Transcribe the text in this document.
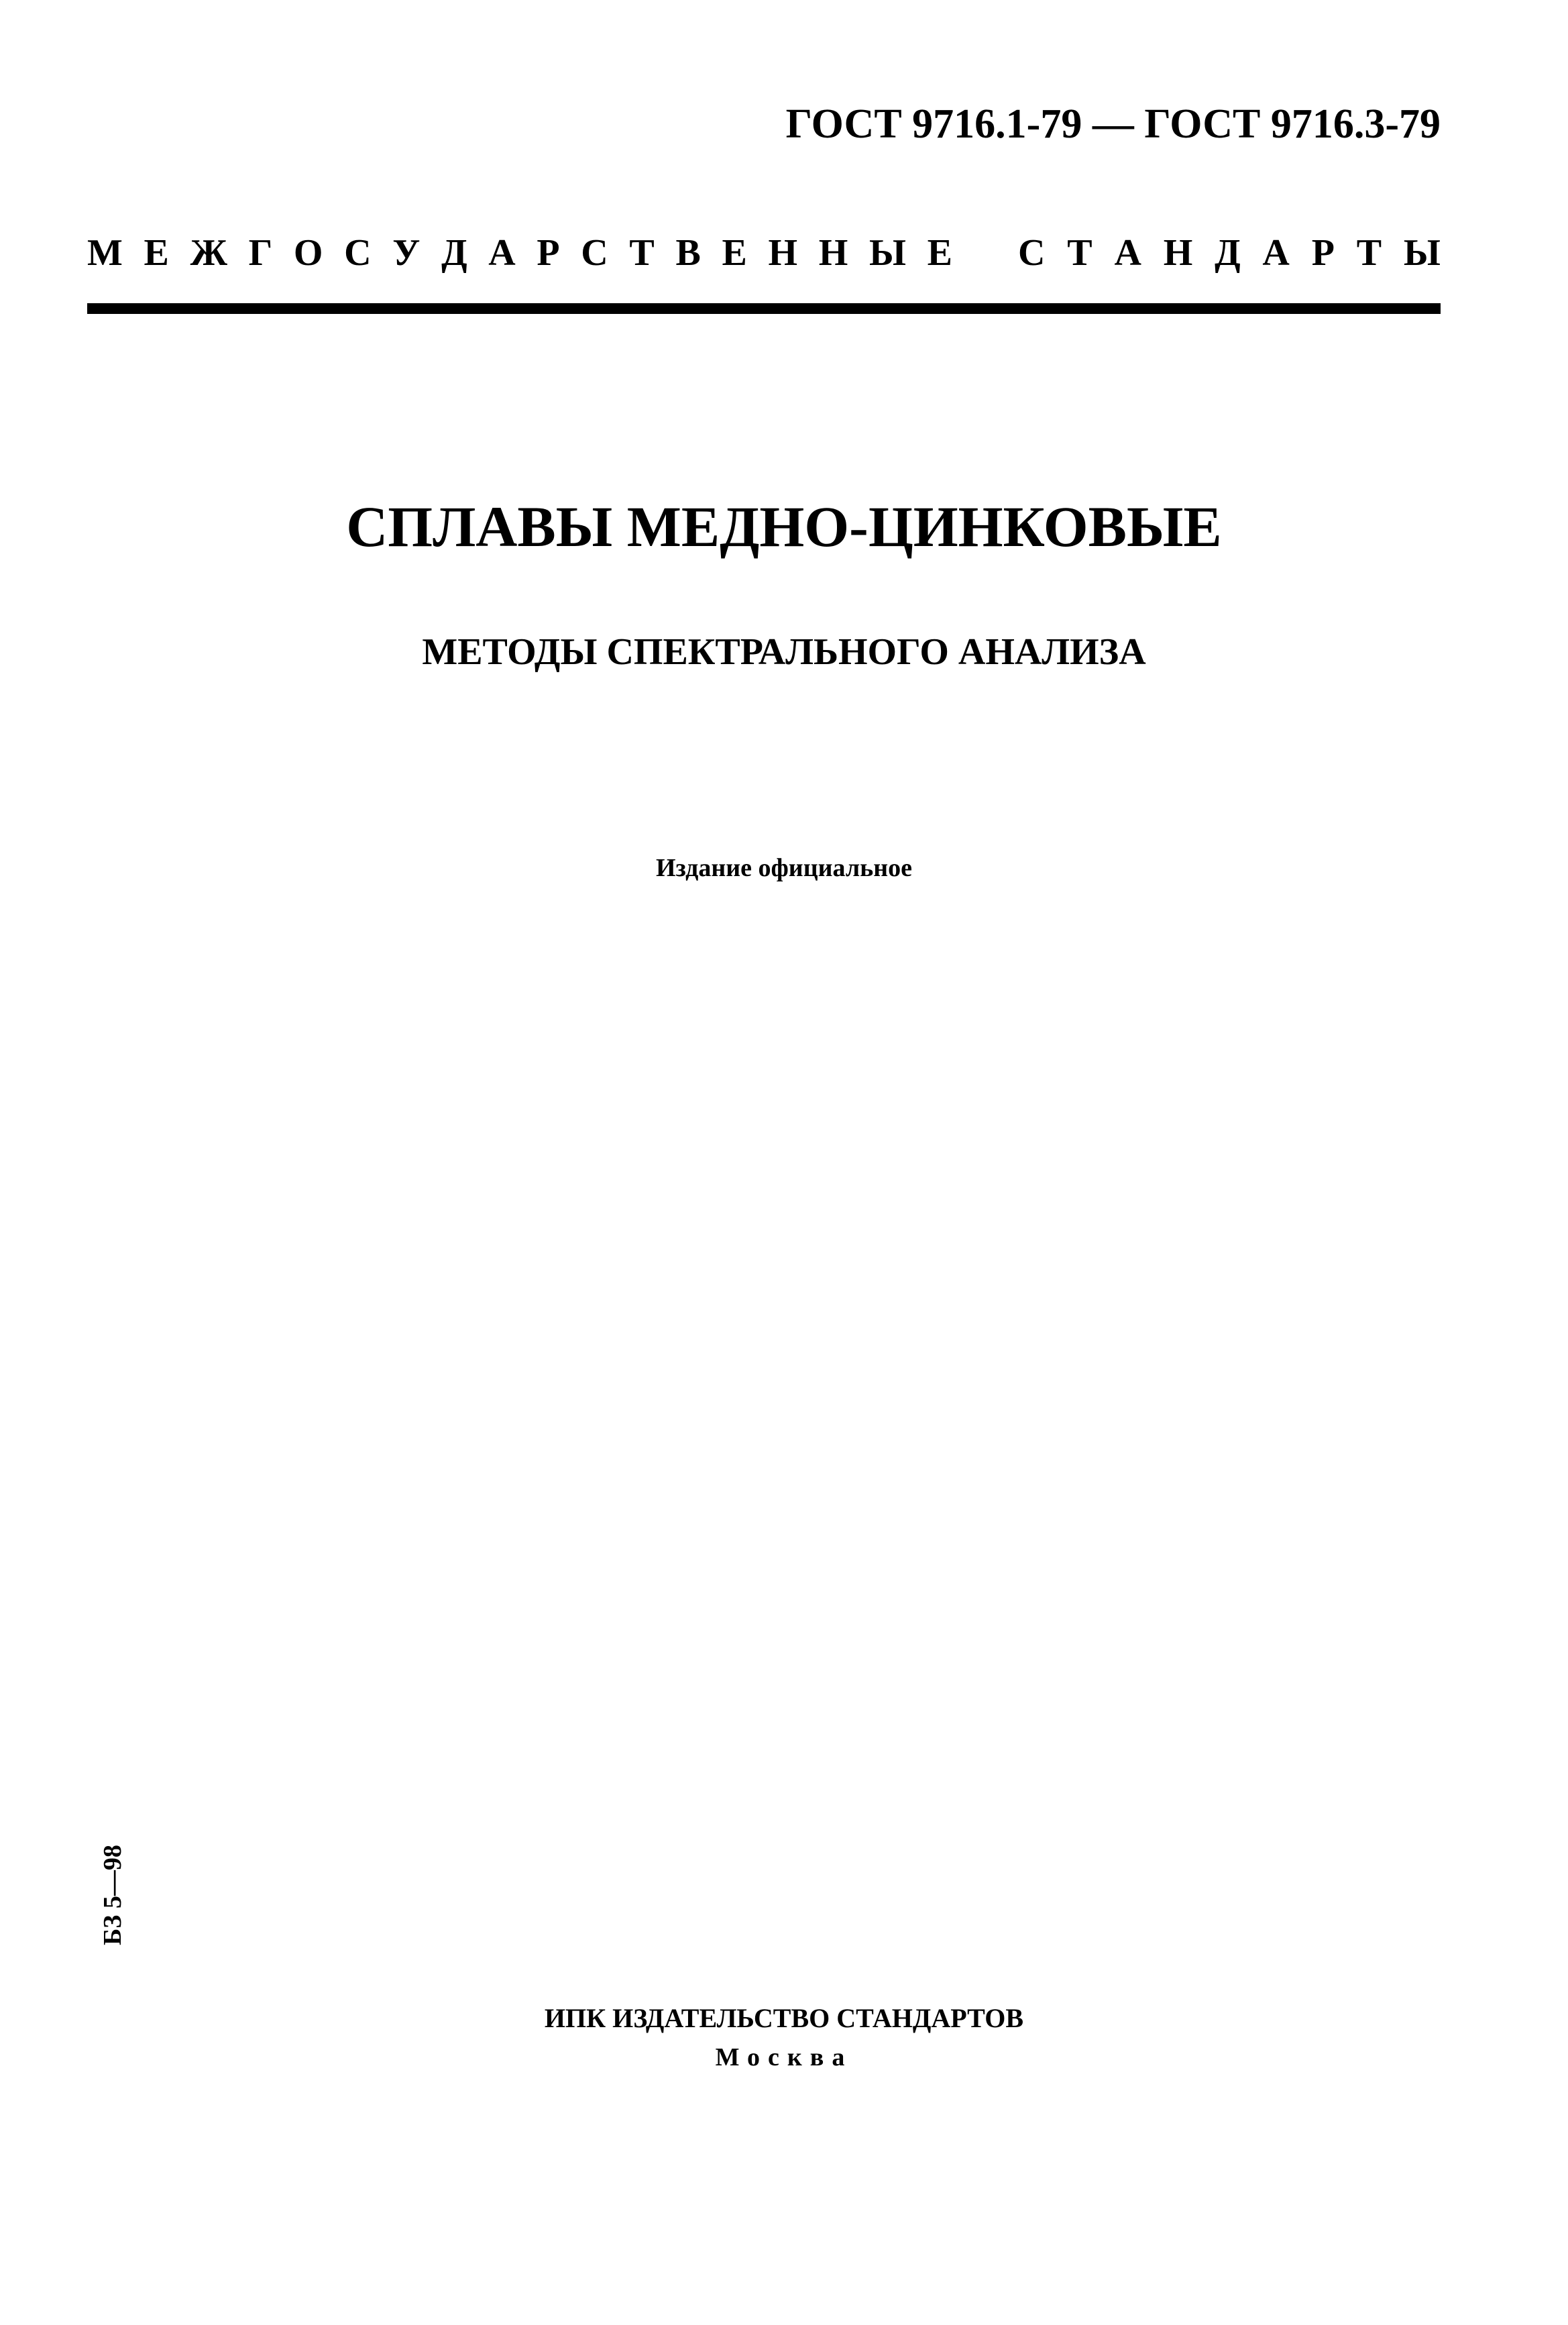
ГОСТ 9716.1-79 — ГОСТ 9716.3-79
М Е Ж Г О С У Д А Р С Т В Е Н Н Ы Е С Т А Н Д А Р Т Ы
СПЛАВЫ МЕДНО-ЦИНКОВЫЕ
МЕТОДЫ СПЕКТРАЛЬНОГО АНАЛИЗА
Издание официальное
БЗ 5—98
ИПК ИЗДАТЕЛЬСТВО СТАНДАРТОВ
Москва
